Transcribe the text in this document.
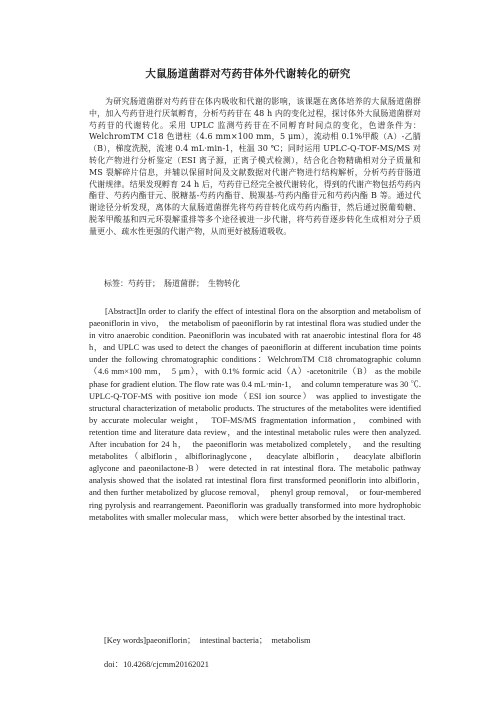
大鼠肠道菌群对芍药苷体外代谢转化的研究

为研究肠道菌群对芍药苷在体内吸收和代谢的影响，该课题在离体培养的大鼠肠道菌群中，加入芍药苷进行厌氧孵育，分析芍药苷在 48 h 内的变化过程，探讨体外大鼠肠道菌群对芍药苷的代谢转化。采用 UPLC 监测芍药苷在不同孵育时间点的变化，色谱条件为：WelchromTM C18 色谱柱（4.6 mm×100 mm，5 μm），流动相 0.1%甲酸（A）-乙腈（B），梯度洗脱，流速 0.4 mL·min-1，柱温 30 ℃；同时运用 UPLC-Q-TOF-MS/MS 对转化产物进行分析鉴定（ESI 离子源，正离子模式检测），结合化合物精确相对分子质量和 MS 裂解碎片信息，并辅以保留时间及文献数据对代谢产物进行结构解析，分析芍药苷肠道代谢规律。结果发现孵育 24 h 后，芍药苷已经完全被代谢转化，得到的代谢产物包括芍药内酯苷、芍药内酯苷元、脱糖基-芍药内酯苷、脱羰基-芍药内酯苷元和芍药内酯 B 等。通过代谢途径分析发现，离体的大鼠肠道菌群先将芍药苷转化成芍药内酯苷，然后通过脱葡萄糖、脱苯甲酸基和四元环裂解重排等多个途径被进一步代谢，将芍药苷逐步转化生成相对分子质量更小、疏水性更强的代谢产物，从而更好被肠道吸收。

标签：芍药苷；　肠道菌群；　生物转化

[Abstract]In order to clarify the effect of intestinal flora on the absorption and metabolism of paeoniflorin in vivo，　the metabolism of paeoniflorin by rat intestinal flora was studied under the in vitro anaerobic condition. Paeoniflorin was incubated with rat anaerobic intestinal flora for 48 h，and UPLC was used to detect the changes of paeoniflorin at different incubation time points under the following chromatographic conditions：WelchromTM C18 chromatographic column （4.6 mm×100 mm，　5 μm），with 0.1% formic acid（A）-acetonitrile（B） as the mobile phase for gradient elution. The flow rate was 0.4 mL·min-1，　and column temperature was 30 ℃. UPLC-Q-TOF-MS with positive ion mode（ESI ion source） was applied to investigate the structural characterization of metabolic products. The structures of the metabolites were identified by accurate molecular weight，　TOF-MS/MS fragmentation information，　combined with retention time and literature data review，and the intestinal metabolic rules were then analyzed. After incubation for 24 h，　the paeoniflorin was metabolized completely，　and the resulting metabolites（albiflorin，albiflorinaglycone，　deacylate albiflorin，　deacylate albiflorin aglycone and paeonilactone-B） were detected in rat intestinal flora. The metabolic pathway analysis showed that the isolated rat intestinal flora first transformed peoniflorin into albiflorin，　and then further metabolized by glucose removal，　phenyl group removal，　or four-membered ring pyrolysis and rearrangement. Paeoniflorin was gradually transformed into more hydrophobic metabolites with smaller molecular mass，　which were better absorbed by the intestinal tract.

[Key words]paeoniflorin；　intestinal bacteria；　metabolism

doi：10.4268/cjcmm20162021
